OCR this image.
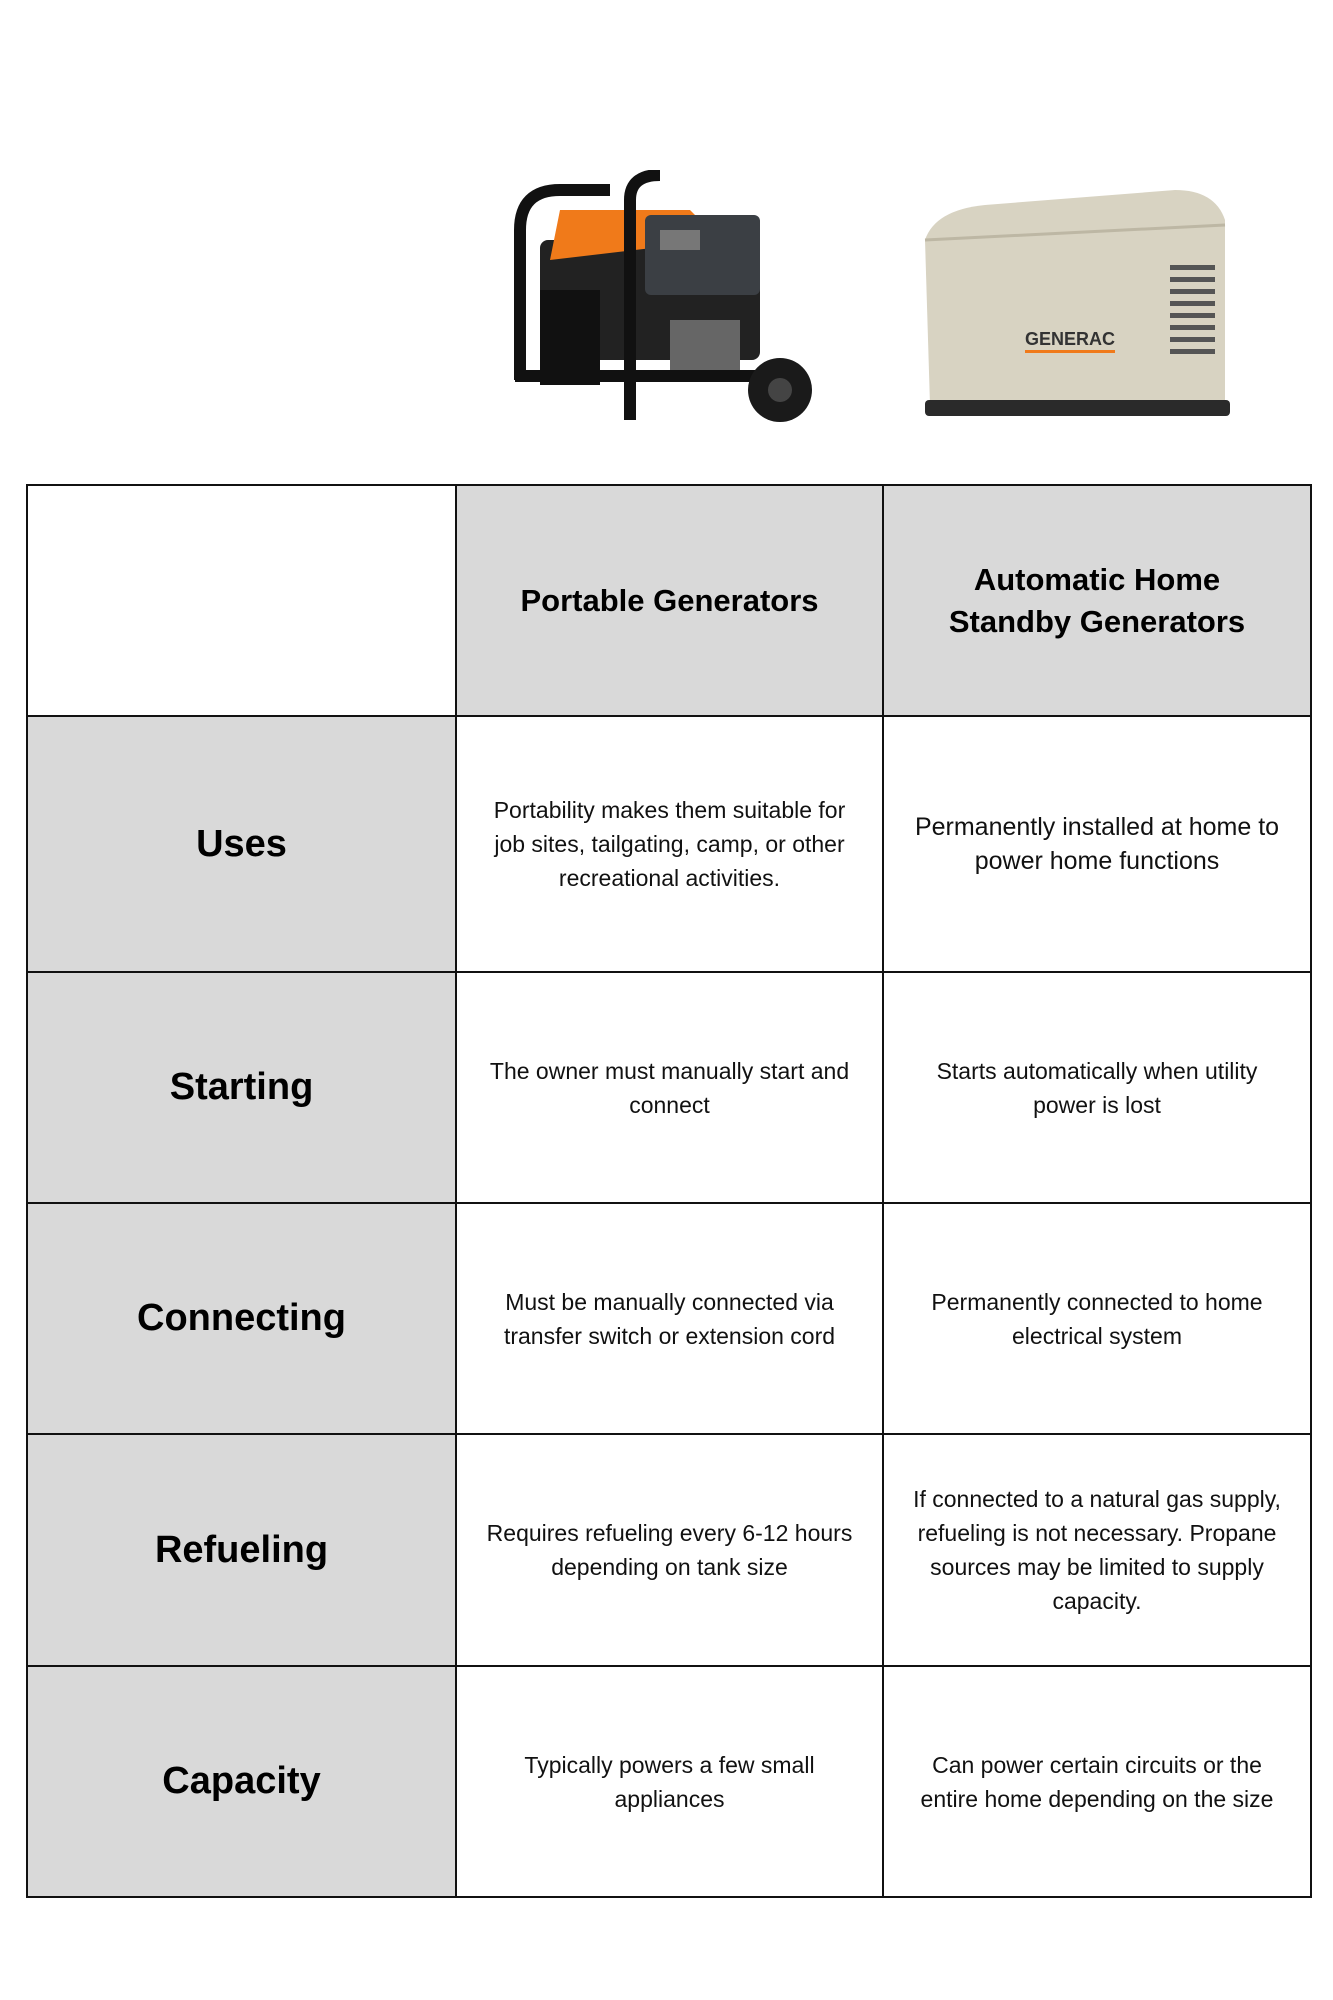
GENERAC
	Portable Generators	Automatic Home Standby Generators
Uses	Portability makes them suitable for job sites, tailgating, camp, or other recreational activities.	Permanently installed at home to power home functions
Starting	The owner must manually start and connect	Starts automatically when utility power is lost
Connecting	Must be manually connected via transfer switch or extension cord	Permanently connected to home electrical system
Refueling	Requires refueling every 6-12 hours depending on tank size	If connected to a natural gas supply, refueling is not necessary. Propane sources may be limited to supply capacity.
Capacity	Typically powers a few small appliances	Can power certain circuits or the entire home depending on the size
